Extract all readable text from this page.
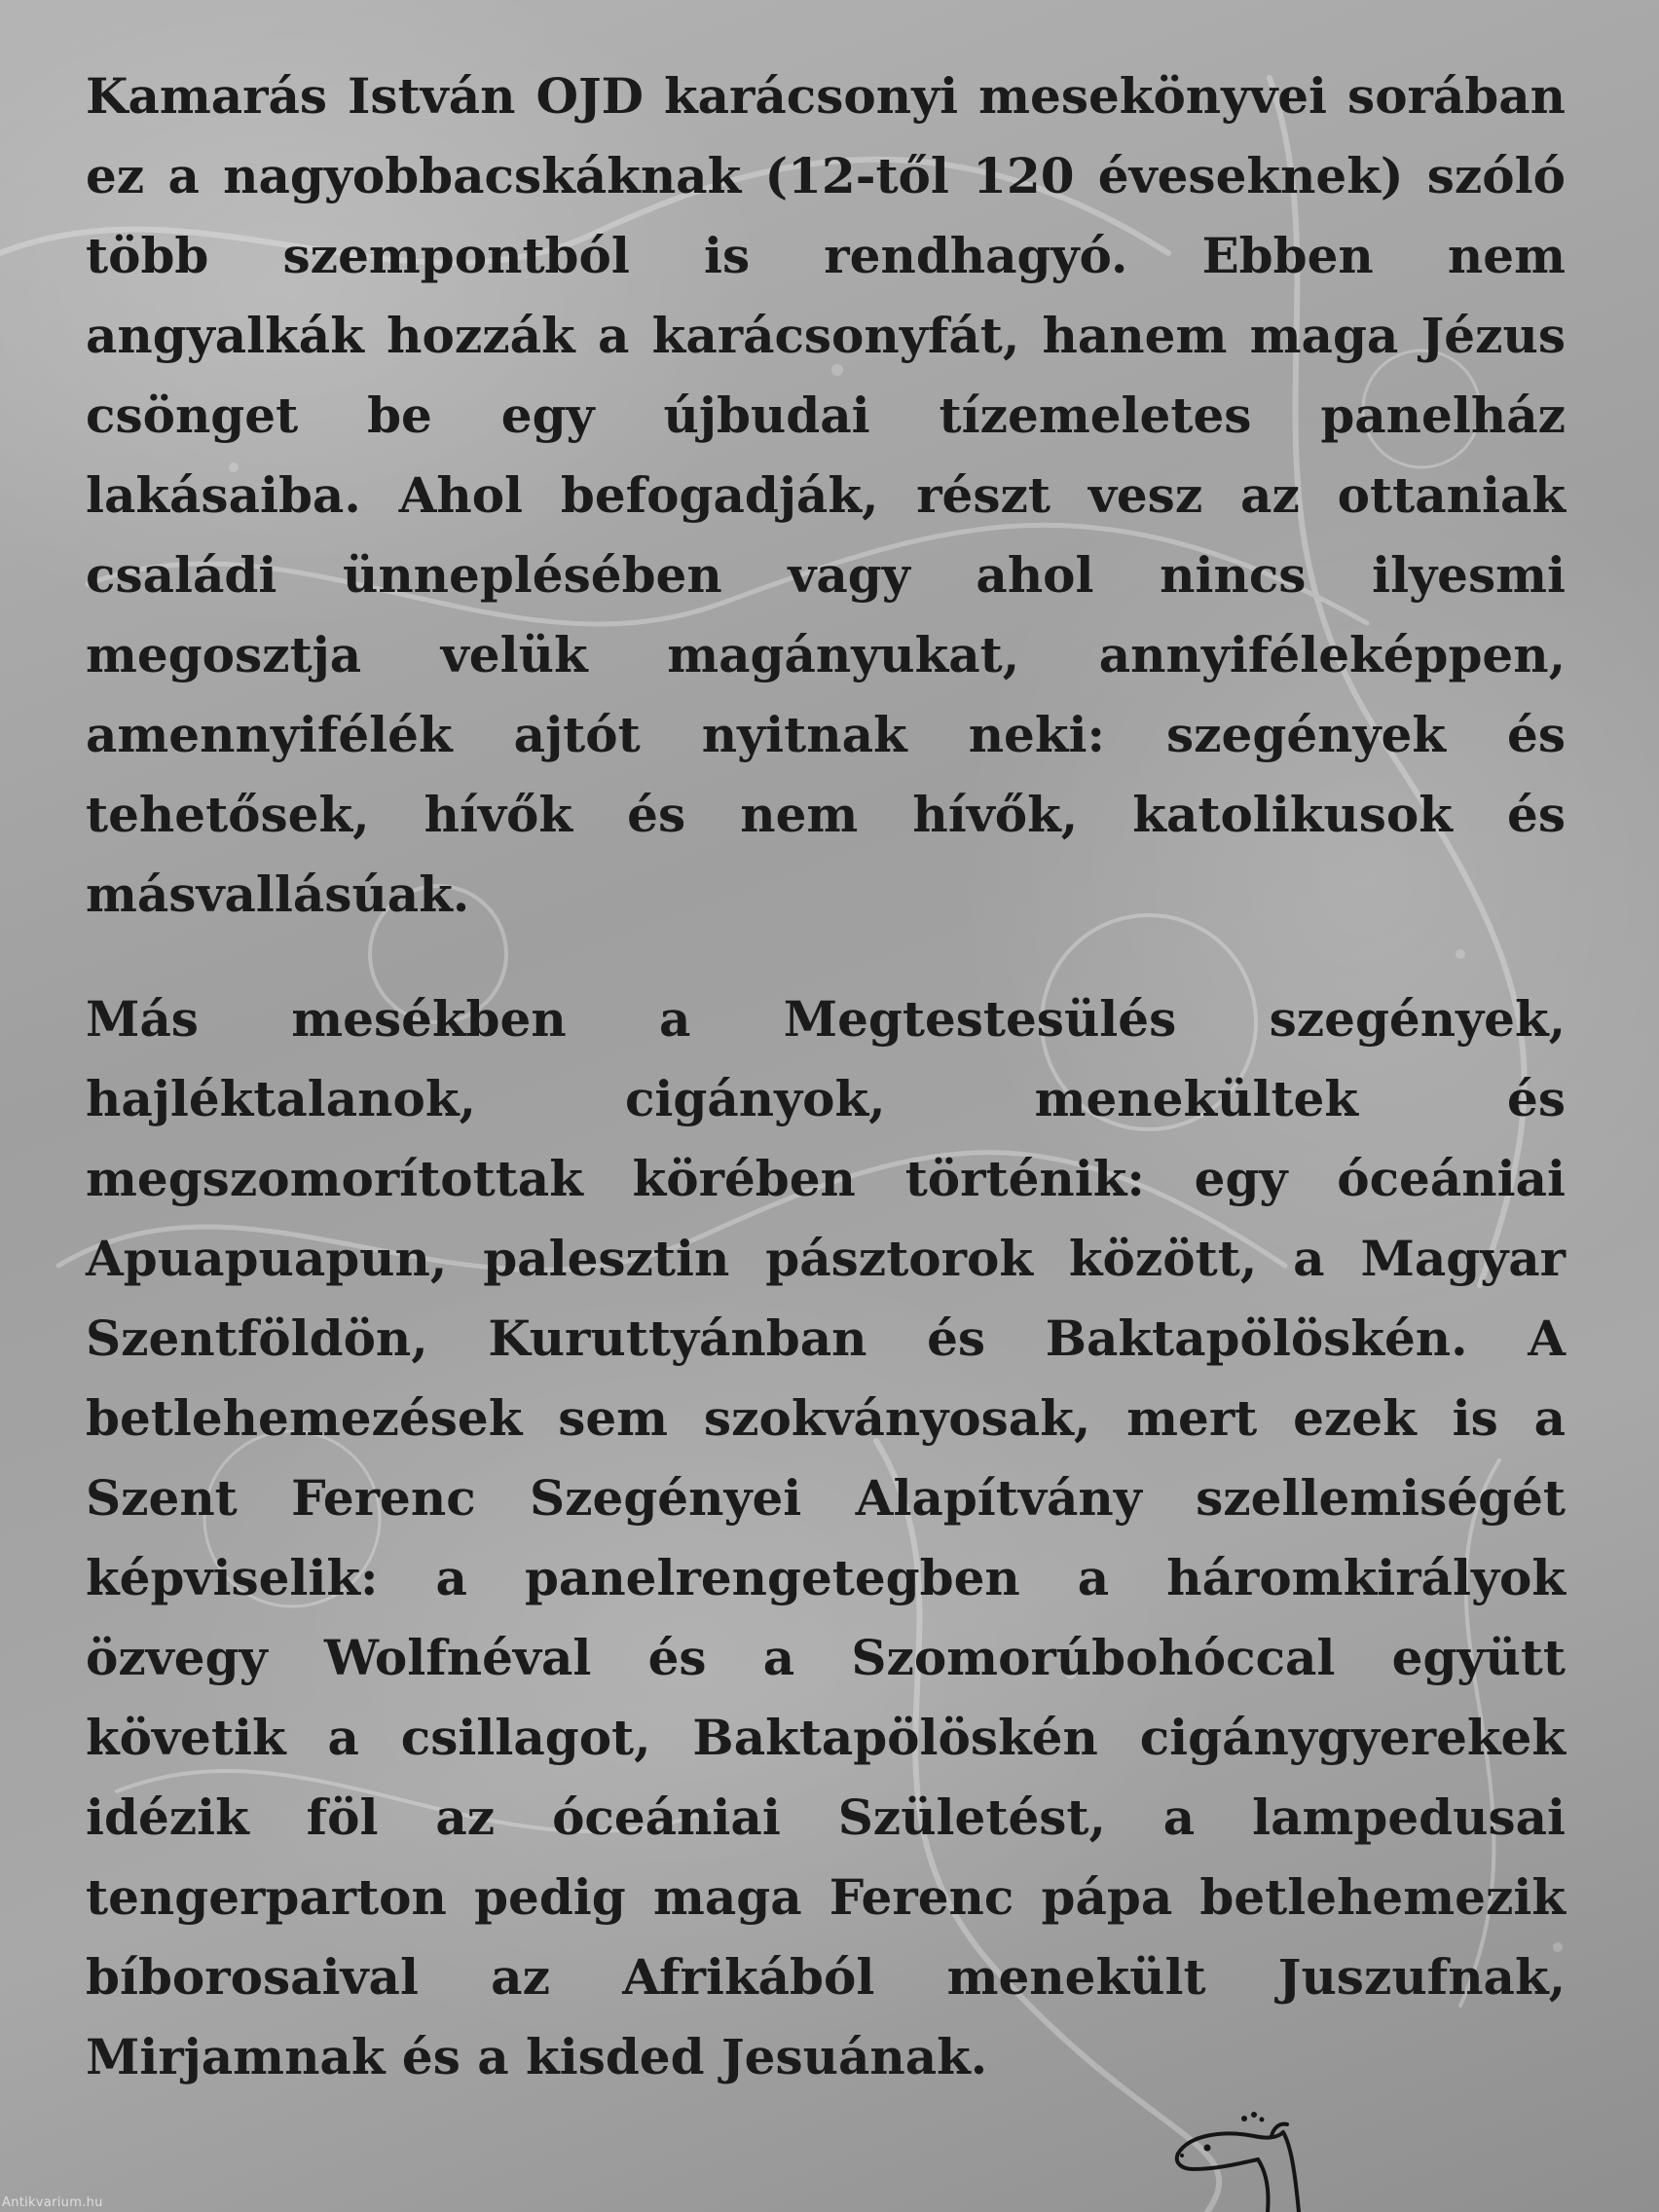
Kamarás István OJD karácsonyi mesekönyvei sorában ez a nagyobbacskáknak (12-től 120 éveseknek) szóló több szempontból is rendhagyó. Ebben nem angyalkák hozzák a karácsonyfát, hanem maga Jézus csönget be egy újbudai tízemeletes panelház lakásaiba. Ahol befogadják, részt vesz az ottaniak családi ünneplésében vagy ahol nincs ilyesmi megosztja velük magányukat, annyiféleképpen, amennyifélék ajtót nyitnak neki: szegények és tehetősek, hívők és nem hívők, katolikusok és másvallásúak.

Más mesékben a Megtestesülés szegények, hajléktalanok, cigányok, menekültek és megszomorítottak körében történik: egy óceániai Apuapuapun, palesztin pásztorok között, a Magyar Szentföldön, Kuruttyánban és Baktapölöskén. A betlehemezések sem szokványosak, mert ezek is a Szent Ferenc Szegényei Alapítvány szellemiségét képviselik: a panelrengetegben a háromkirályok özvegy Wolfnéval és a Szomorúbohóccal együtt követik a csillagot, Baktapölöskén cigánygyerekek idézik föl az óceániai Születést, a lampedusai tengerparton pedig maga Ferenc pápa betlehemezik bíborosaival az Afrikából menekült Juszufnak, Mirjamnak és a kisded Jesuának.

Antikvarium.hu
